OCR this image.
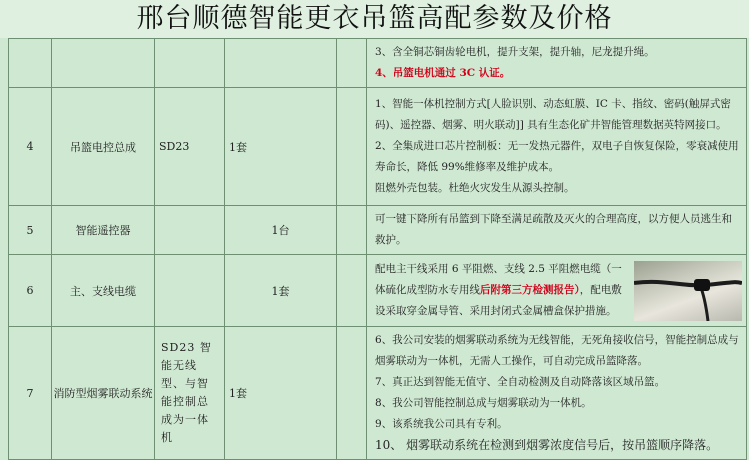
邢台顺德智能更衣吊篮高配参数及价格

					3、含全铜芯铜齿轮电机，提升支架，提升轴，尼龙提升绳。

4、吊篮电机通过 3C 认证。

4	吊篮电控总成	SD23	1套		1、智能一体机控制方式[人脸识别、动态虹膜、IC 卡、指纹、密码(触屏式密码)、遥控器、烟雾、明火联动]] 具有生态化矿井智能管理数据英特网接口。

2、全集成进口芯片控制板：无一发热元器件，双电子自恢复保险，零衰减使用寿命长，降低 99%维修率及维护成本。

阻燃外壳包装。杜绝火灾发生从源头控制。

5	智能遥控器		1台		可一键下降所有吊篮到下降至满足疏散及灭火的合理高度，以方便人员逃生和救护。

6	主、支线电缆		1套		配电主干线采用 6 平阻燃、支线 2.5 平阻燃电缆（一体硫化成型防水专用线后附第三方检测报告），配电敷设采取穿金属导管、采用封闭式金属槽盒保护措施。

7	消防型烟雾联动系统	SD23 智能无线型、与智能控制总成为一体机	1套		6、我公司安装的烟雾联动系统为无线智能，无死角接收信号，智能控制总成与烟雾联动为一体机，无需人工操作，可自动完成吊篮降落。

7、真正达到智能无值守、全自动检测及自动降落该区域吊篮。

8、我公司智能控制总成与烟雾联动为一体机。

9、该系统我公司具有专利。

10、 烟雾联动系统在检测到烟雾浓度信号后，按吊篮顺序降落。
